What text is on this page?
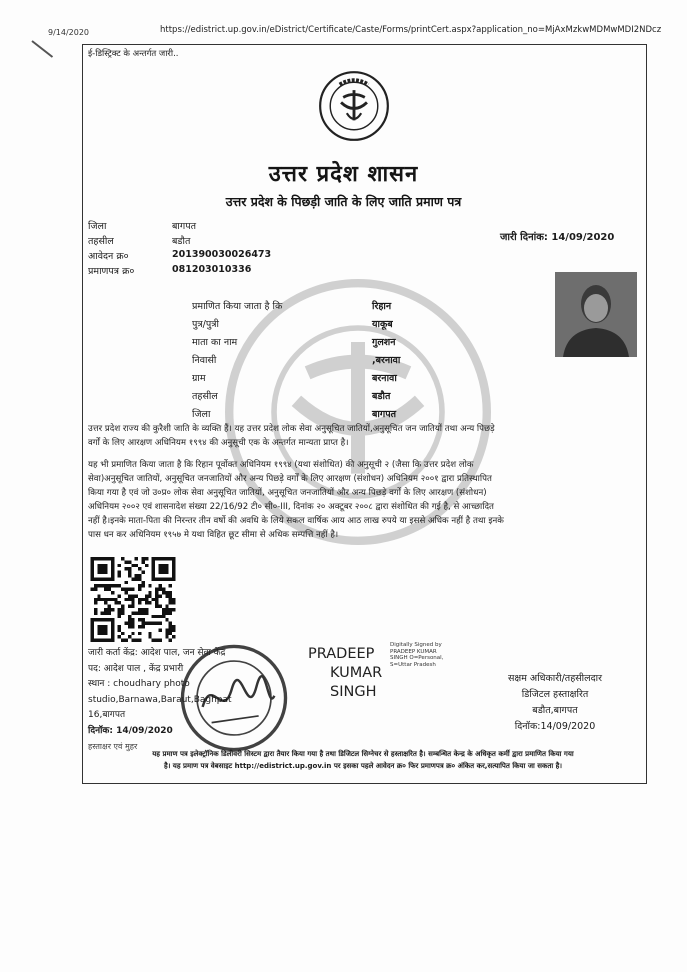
9/14/2020	https://edistrict.up.gov.in/eDistrict/Certificate/Caste/Forms/printCert.aspx?application_no=MjAxMzkwMDMwMDI2NDcz
ई-डिस्ट्रिक्ट के अन्तर्गत जारी..
उत्तर प्रदेश शासन
उत्तर प्रदेश के पिछड़ी जाति के लिए जाति प्रमाण पत्र
जिला	बागपत
तहसील	बडौत
आवेदन क्र०	201390030026473
प्रमाणपत्र क्र०	081203010336
जारी दिनांक: 14/09/2020
प्रमाणित किया जाता है कि	रिहान
पुत्र/पुत्री	याकूब
माता का नाम	गुलशन
निवासी	,बरनावा
ग्राम	बरनावा
तहसील	बडौत
जिला	बागपत
उत्तर प्रदेश राज्य की कुरैशी जाति के व्यक्ति हैं। यह उत्तर प्रदेश लोक सेवा अनुसूचित जातियों,अनुसूचित जन जातियों तथा अन्य पिछड़े
वर्गों के लिए आरक्षण अधिनियम १९९४ की अनुसूची एक के अन्तर्गत मान्यता प्राप्त है।
यह भी प्रमाणित किया जाता है कि रिहान पूर्वोक्त अधिनियम १९९४ (यथा संशोधित) की अनुसूची २ (जैसा कि उत्तर प्रदेश लोक
सेवा)अनुसूचित जातियों, अनुसूचित जनजातियों और अन्य पिछड़े वर्गों के लिए आरक्षण (संशोधन) अधिनियम २००१ द्वारा प्रतिस्थापित
किया गया है एवं जो उ०प्र० लोक सेवा अनुसूचित जातियों, अनुसूचित जनजातियों और अन्य पिछड़े वर्गों के लिए आरक्षण (संशोधन)
अधिनियम २००२ एवं शासनादेश संख्या 22/16/92 टी० सी०-III, दिनांक २० अक्टूबर २००८ द्वारा संशोधित की गई है, से आच्छादित
नहीं है।इनके माता-पिता की निरन्तर तीन वर्षो की अवधि के लिये सकल वार्षिक आय आठ लाख रुपये या इससे अधिक नहीं है तथा इनके
पास धन कर अधिनियम १९५७ मे यथा विहित छूट सीमा से अधिक सम्पत्ति नहीं है।
जारी कर्ता केंद्र: आदेश पाल, जन सेवा केंद्र
पद: आदेश पाल , केंद्र प्रभारी
स्थान : choudhary photo
studio,Barnawa,Baraut,Baghpat
16,बागपत
दिनॉक: 14/09/2020
हस्ताक्षर एवं मुहर
PRADEEP
KUMAR
SINGH
Digitally Signed by
PRADEEP KUMAR
SINGH O=Personal,
S=Uttar Pradesh
सक्षम अधिकारी/तहसीलदार
डिजिटल हस्ताक्षरित
बडौत,बागपत
दिनॉक:14/09/2020
यह प्रमाण पत्र इलेक्ट्रॉनिक डिलीवरी सिस्टम द्वारा तैयार किया गया है तथा डिजिटल सिग्नेचर से हस्ताक्षरित है। सम्बन्धित केन्द्र के अधिकृत कर्मी द्वारा प्रमाणित किया गया
है। यह प्रमाण पत्र वेबसाइट http://edistrict.up.gov.in पर इसका पहले आवेदन क्र० फिर प्रमाणपत्र क्र० अंकित कर,सत्यापित किया जा सकता है।
